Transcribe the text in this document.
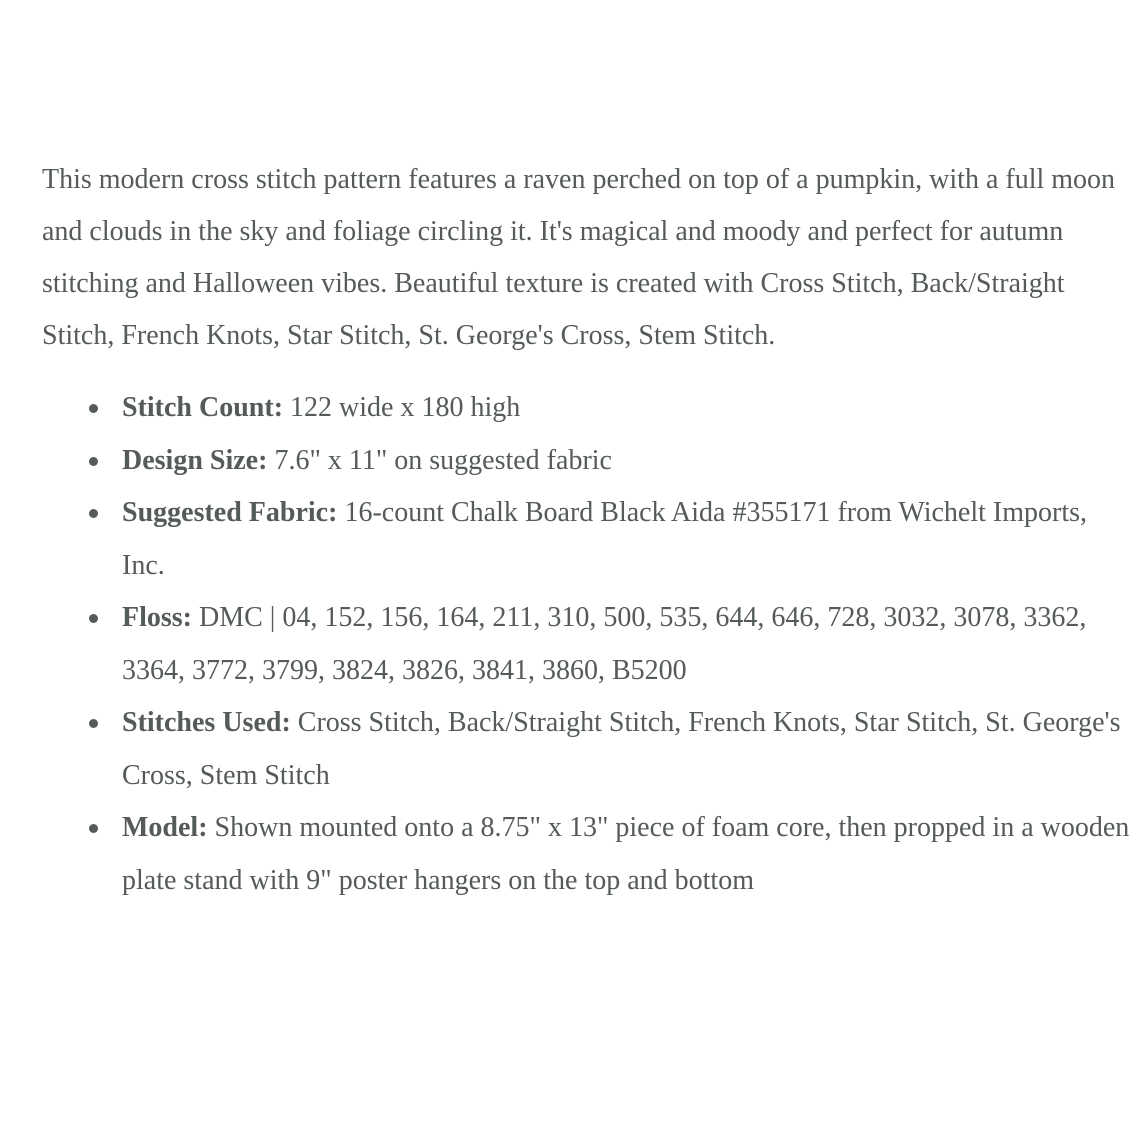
This modern cross stitch pattern features a raven perched on top of a pumpkin, with a full moon and clouds in the sky and foliage circling it. It's magical and moody and perfect for autumn stitching and Halloween vibes. Beautiful texture is created with Cross Stitch, Back/Straight Stitch, French Knots, Star Stitch, St. George's Cross, Stem Stitch.

Stitch Count: 122 wide x 180 high
Design Size: 7.6" x 11" on suggested fabric
Suggested Fabric: 16-count Chalk Board Black Aida #355171 from Wichelt Imports, Inc.
Floss: DMC | 04, 152, 156, 164, 211, 310, 500, 535, 644, 646, 728, 3032, 3078, 3362, 3364, 3772, 3799, 3824, 3826, 3841, 3860, B5200
Stitches Used: Cross Stitch, Back/Straight Stitch, French Knots, Star Stitch, St. George's Cross, Stem Stitch
Model: Shown mounted onto a 8.75" x 13" piece of foam core, then propped in a wooden plate stand with 9" poster hangers on the top and bottom
